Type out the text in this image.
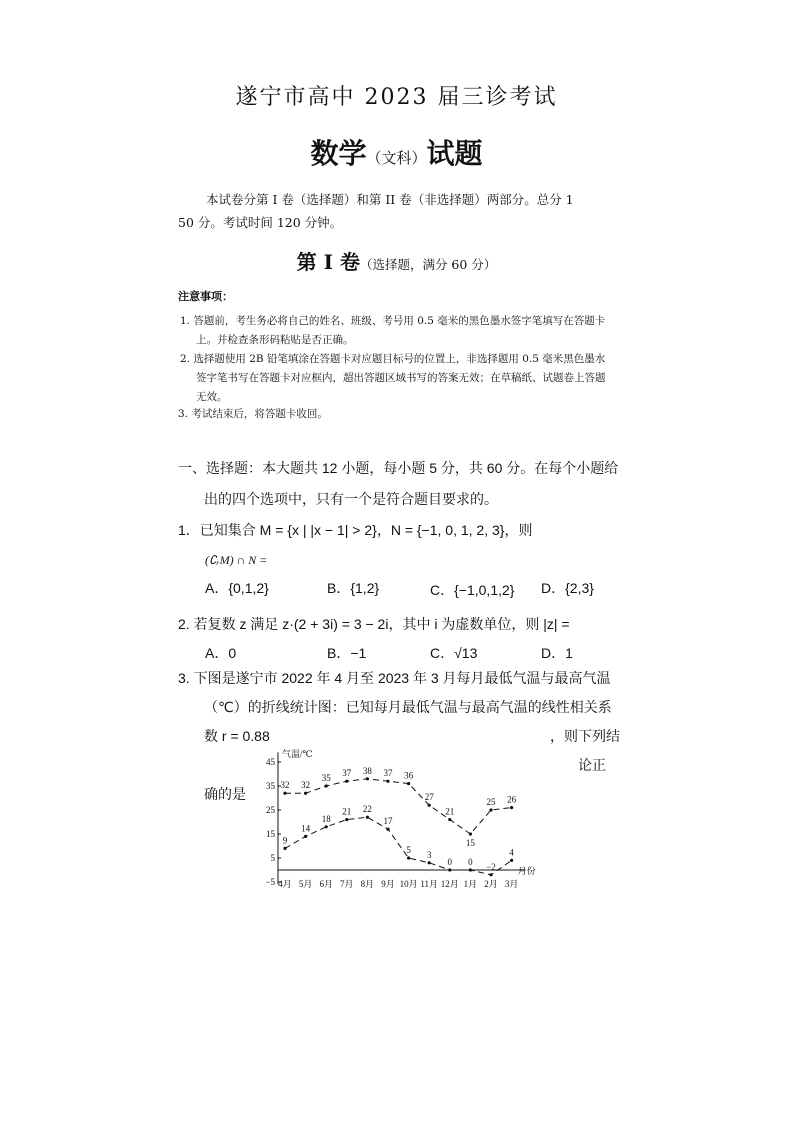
遂宁市高中 2023 届三诊考试
数学（文科）试题
本试卷分第 I 卷（选择题）和第 II 卷（非选择题）两部分。总分 1
50 分。考试时间 120 分钟。
第 Ⅰ 卷（选择题，满分 60 分）
注意事项：
1. 答题前，考生务必将自己的姓名、班级、考号用 0.5 毫米的黑色墨水签字笔填写在答题卡
上。并检查条形码粘贴是否正确。
2. 选择题使用 2B 铅笔填涂在答题卡对应题目标号的位置上，非选择题用 0.5 毫米黑色墨水
签字笔书写在答题卡对应框内，超出答题区域书写的答案无效；在草稿纸、试题卷上答题
无效。
3. 考试结束后，将答题卡收回。
一、选择题：本大题共 12 小题，每小题 5 分，共 60 分。在每个小题给
出的四个选项中，只有一个是符合题目要求的。
1．已知集合 M = {x | |x − 1| > 2}，N = {−1, 0, 1, 2, 3}，则
(∁ᵣM) ∩ N =
A．{0,1,2}	B．{1,2}	C．{−1,0,1,2} D．{2,3}
2. 若复数 z 满足 z·(2 + 3i) = 3 − 2i，其中 i 为虚数单位，则 |z| =
A．0	B．−1	C．√13	D．1
3. 下图是遂宁市 2022 年 4 月至 2023 年 3 月每月最低气温与最高气温
（℃）的折线统计图：已知每月最低气温与最高气温的线性相关系
数 r = 0.88	，则下列结
论正
确的是
气温/℃
月份
45
35
25
15
5
−5 4月 5月 6月 7月 8月 9月 10月 11月 12月 1月 2月 3月
32 32
35 37 38 37 36
27
21
15
25 26
9
14
18
21 22
17
5 3
0 0 −2
4
